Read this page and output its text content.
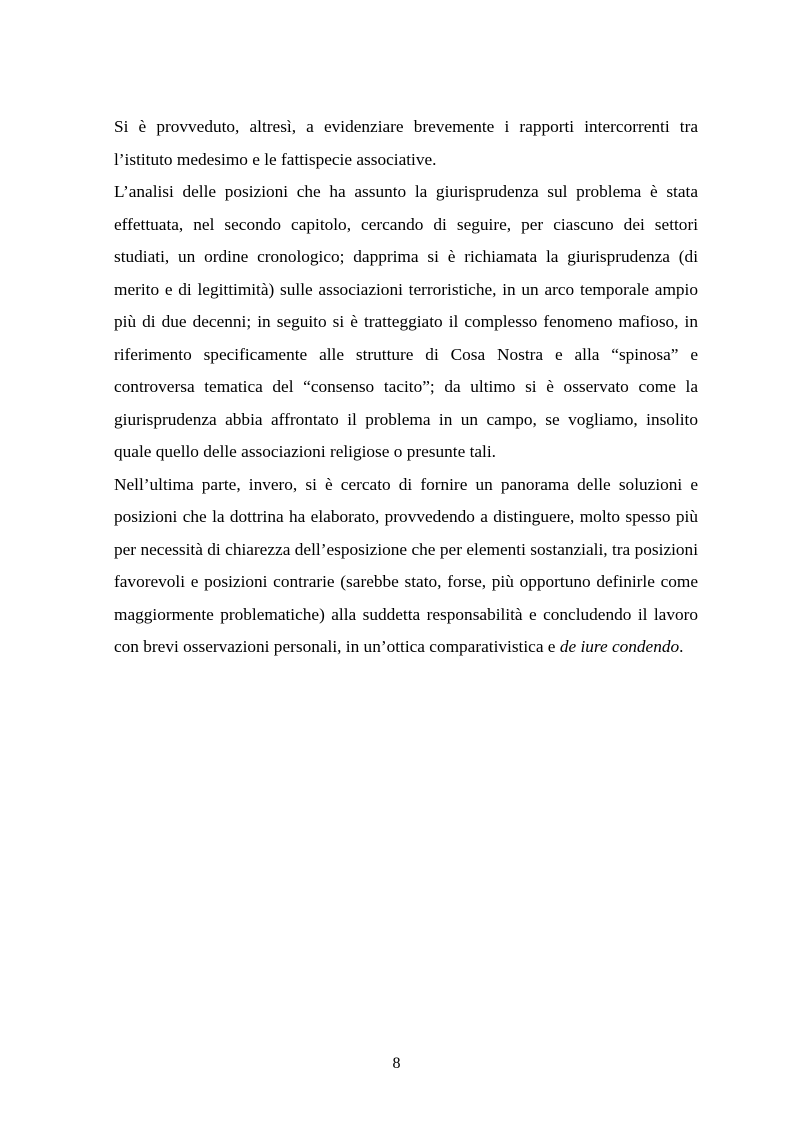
Si è provveduto, altresì, a evidenziare brevemente i rapporti intercorrenti tra l’istituto medesimo e le fattispecie associative.

L’analisi delle posizioni che ha assunto la giurisprudenza sul problema è stata effettuata, nel secondo capitolo, cercando di seguire, per ciascuno dei settori studiati, un ordine cronologico; dapprima si è richiamata la giurisprudenza (di merito e di legittimità) sulle associazioni terroristiche, in un arco temporale ampio più di due decenni; in seguito si è tratteggiato il complesso fenomeno mafioso, in riferimento specificamente alle strutture di Cosa Nostra e alla “spinosa” e controversa tematica del “consenso tacito”; da ultimo si è osservato come la giurisprudenza abbia affrontato il problema in un campo, se vogliamo, insolito quale quello delle associazioni religiose o presunte tali.

Nell’ultima parte, invero, si è cercato di fornire un panorama delle soluzioni e posizioni che la dottrina ha elaborato, provvedendo a distinguere, molto spesso più per necessità di chiarezza dell’esposizione che per elementi sostanziali, tra posizioni favorevoli e posizioni contrarie (sarebbe stato, forse, più opportuno definirle come maggiormente problematiche) alla suddetta responsabilità e concludendo il lavoro con brevi osservazioni personali, in un’ottica comparativistica e de iure condendo.

8
